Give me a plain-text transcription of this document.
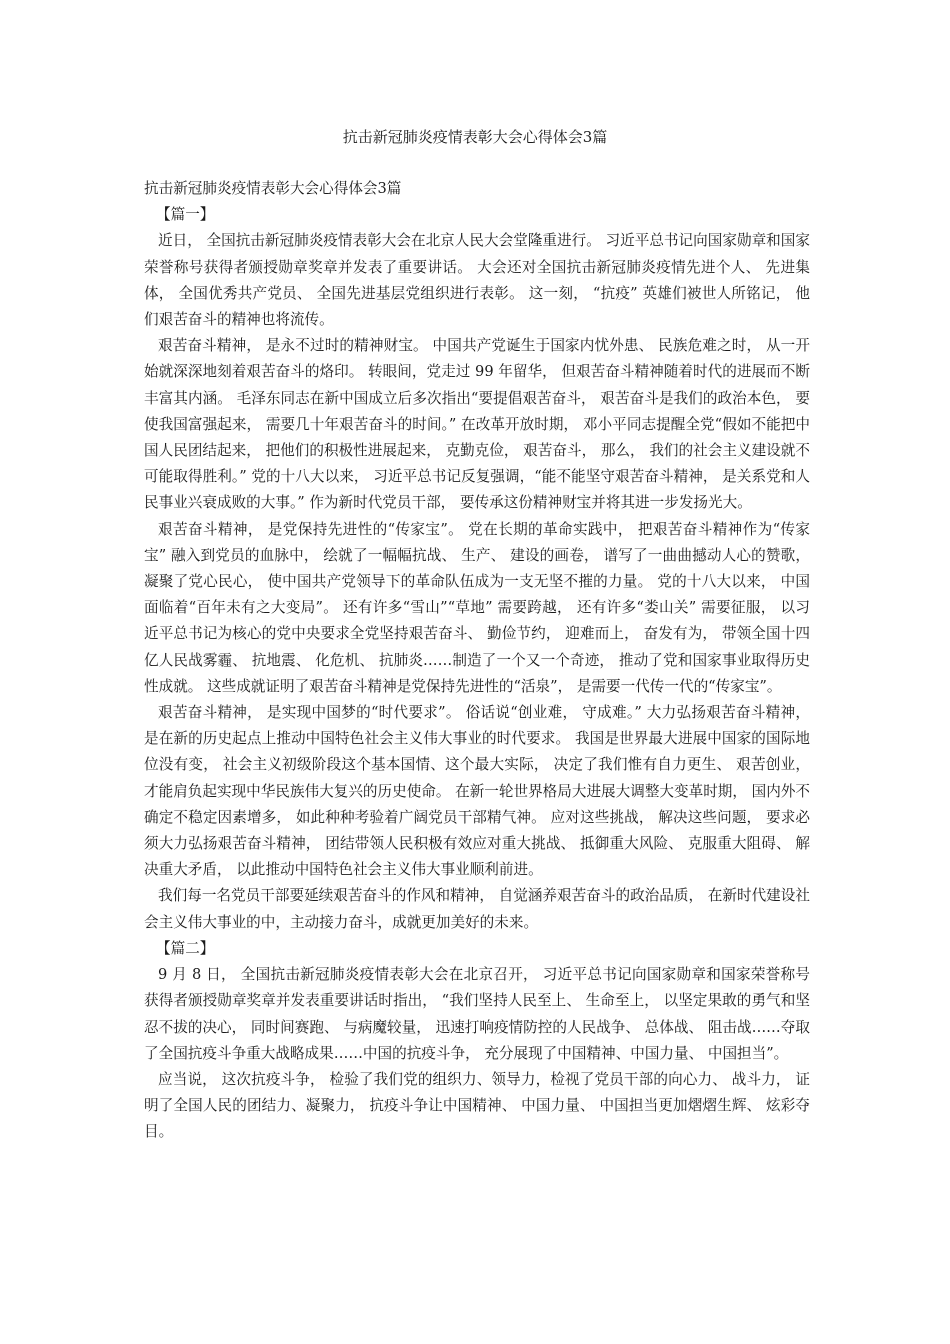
抗击新冠肺炎疫情表彰大会心得体会3篇

抗击新冠肺炎疫情表彰大会心得体会3篇

【篇一】

近日， 全国抗击新冠肺炎疫情表彰大会在北京人民大会堂隆重进行。 习近平总书记向国家勋章和国家荣誉称号获得者颁授勋章奖章并发表了重要讲话。 大会还对全国抗击新冠肺炎疫情先进个人、 先进集体， 全国优秀共产党员、 全国先进基层党组织进行表彰。 这一刻， “抗疫” 英雄们被世人所铭记， 他们艰苦奋斗的精神也将流传。

艰苦奋斗精神， 是永不过时的精神财宝。 中国共产党诞生于国家内忧外患、 民族危难之时， 从一开始就深深地刻着艰苦奋斗的烙印。 转眼间，党走过 99 年留华， 但艰苦奋斗精神随着时代的进展而不断丰富其内涵。 毛泽东同志在新中国成立后多次指出“要提倡艰苦奋斗， 艰苦奋斗是我们的政治本色， 要使我国富强起来， 需要几十年艰苦奋斗的时间。” 在改革开放时期， 邓小平同志提醒全党“假如不能把中国人民团结起来， 把他们的积极性进展起来， 克勤克俭， 艰苦奋斗， 那么， 我们的社会主义建设就不可能取得胜利。” 党的十八大以来， 习近平总书记反复强调，“能不能坚守艰苦奋斗精神， 是关系党和人民事业兴衰成败的大事。” 作为新时代党员干部， 要传承这份精神财宝并将其进一步发扬光大。

艰苦奋斗精神， 是党保持先进性的“传家宝”。 党在长期的革命实践中， 把艰苦奋斗精神作为“传家宝” 融入到党员的血脉中， 绘就了一幅幅抗战、 生产、 建设的画卷， 谱写了一曲曲撼动人心的赞歌， 凝聚了党心民心， 使中国共产党领导下的革命队伍成为一支无坚不摧的力量。 党的十八大以来， 中国面临着“百年未有之大变局”。 还有许多“雪山”“草地” 需要跨越， 还有许多“娄山关” 需要征服， 以习近平总书记为核心的党中央要求全党坚持艰苦奋斗、 勤俭节约， 迎难而上， 奋发有为， 带领全国十四亿人民战雾霾、 抗地震、 化危机、 抗肺炎……制造了一个又一个奇迹， 推动了党和国家事业取得历史性成就。 这些成就证明了艰苦奋斗精神是党保持先进性的“活泉”， 是需要一代传一代的“传家宝”。

艰苦奋斗精神， 是实现中国梦的“时代要求”。 俗话说“创业难， 守成难。” 大力弘扬艰苦奋斗精神， 是在新的历史起点上推动中国特色社会主义伟大事业的时代要求。 我国是世界最大进展中国家的国际地位没有变， 社会主义初级阶段这个基本国情、这个最大实际， 决定了我们惟有自力更生、 艰苦创业， 才能肩负起实现中华民族伟大复兴的历史使命。 在新一轮世界格局大进展大调整大变革时期， 国内外不确定不稳定因素增多， 如此种种考验着广阔党员干部精气神。 应对这些挑战， 解决这些问题， 要求必须大力弘扬艰苦奋斗精神， 团结带领人民积极有效应对重大挑战、 抵御重大风险、 克服重大阻碍、 解决重大矛盾， 以此推动中国特色社会主义伟大事业顺利前进。

我们每一名党员干部要延续艰苦奋斗的作风和精神， 自觉涵养艰苦奋斗的政治品质， 在新时代建设社会主义伟大事业的中，主动接力奋斗，成就更加美好的未来。

【篇二】

9 月 8 日， 全国抗击新冠肺炎疫情表彰大会在北京召开， 习近平总书记向国家勋章和国家荣誉称号获得者颁授勋章奖章并发表重要讲话时指出， “我们坚持人民至上、 生命至上， 以坚定果敢的勇气和坚忍不拔的决心， 同时间赛跑、 与病魔较量， 迅速打响疫情防控的人民战争、 总体战、 阻击战……夺取了全国抗疫斗争重大战略成果……中国的抗疫斗争， 充分展现了中国精神、中国力量、 中国担当”。

应当说， 这次抗疫斗争， 检验了我们党的组织力、领导力，检视了党员干部的向心力、 战斗力， 证明了全国人民的团结力、凝聚力， 抗疫斗争让中国精神、 中国力量、 中国担当更加熠熠生辉、 炫彩夺目。
